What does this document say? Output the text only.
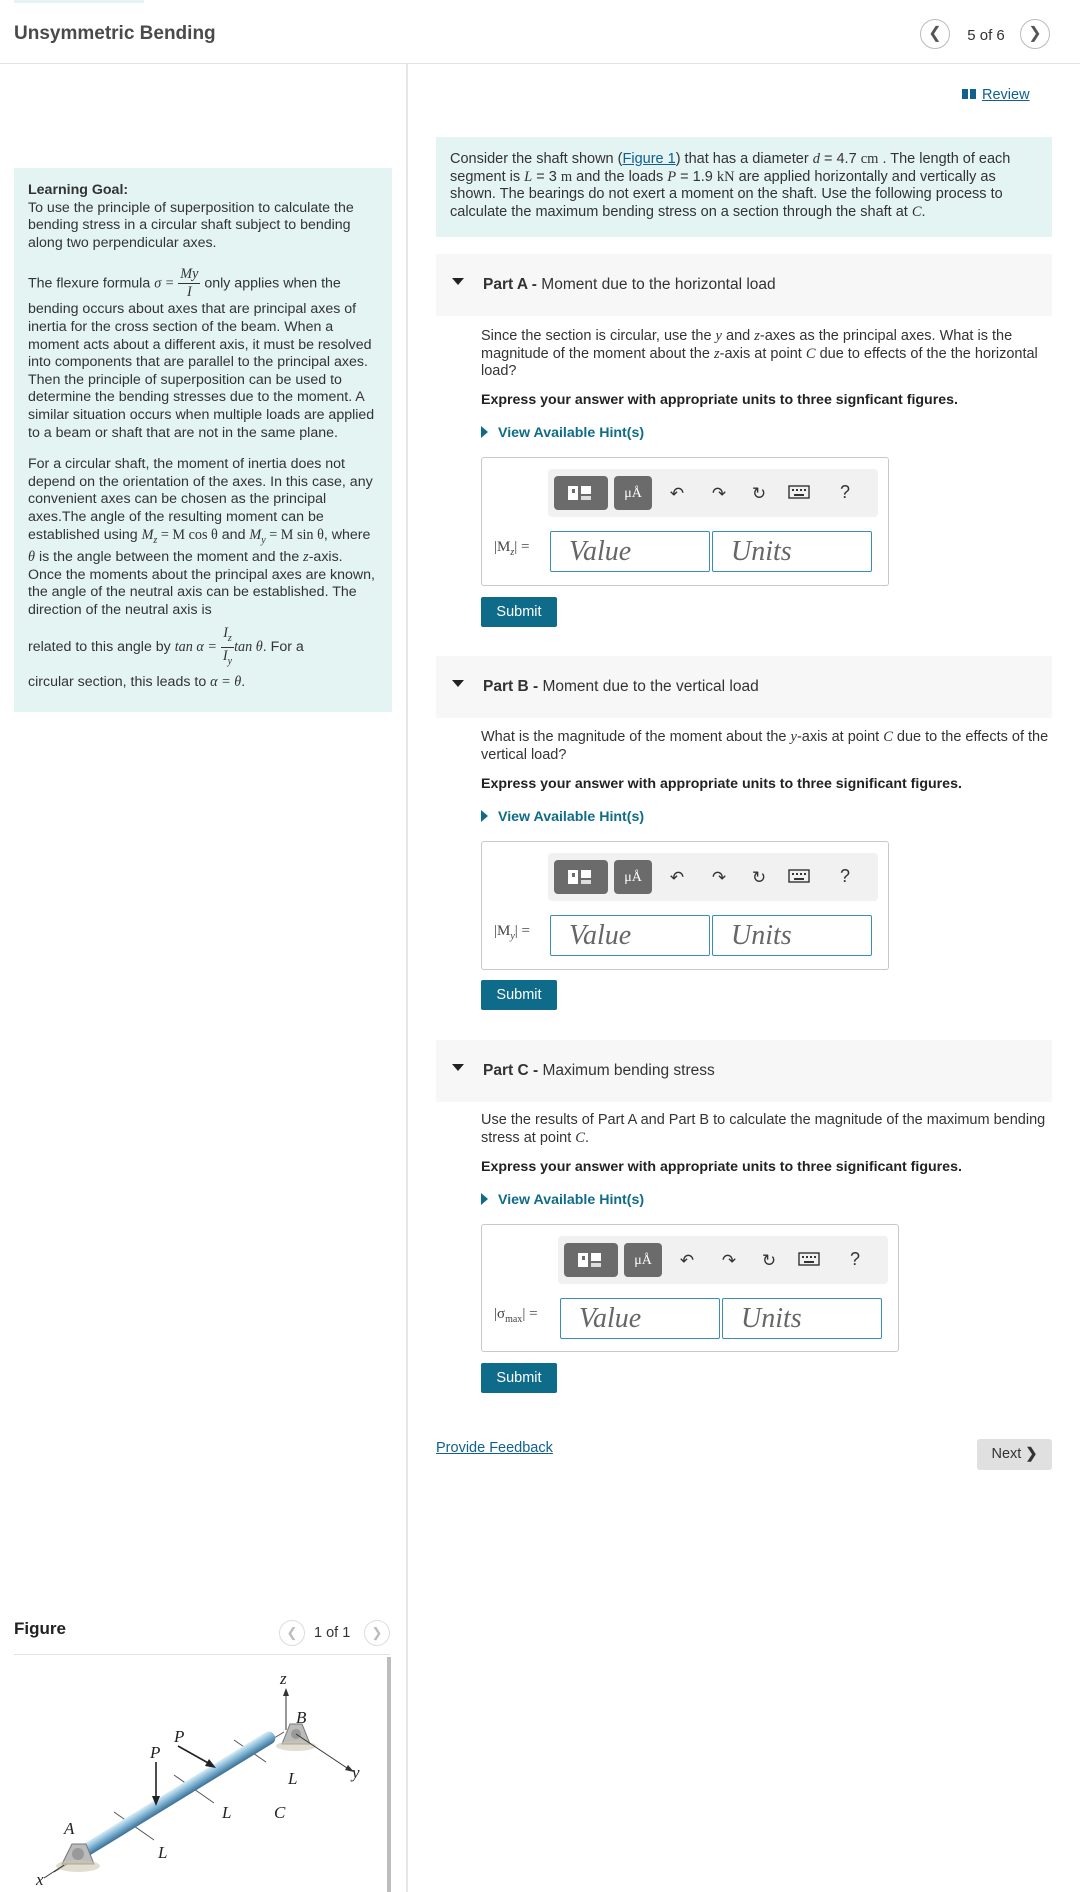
Unsymmetric Bending	❮	5 of 6	❯

Learning Goal:

To use the principle of superposition to calculate the bending stress in a circular shaft subject to bending along two perpendicular axes.

The flexure formula $\sigma = \frac{My}{I}$ only applies when the bending occurs about axes that are principal axes of inertia for the cross section of the beam. When a moment acts about a different axis, it must be resolved into components that are parallel to the principal axes. Then the principle of superposition can be used to determine the bending stresses due to the moment. A similar situation occurs when multiple loads are applied to a beam or shaft that are not in the same plane.

For a circular shaft, the moment of inertia does not depend on the orientation of the axes. In this case, any convenient axes can be chosen as the principal axes.The angle of the resulting moment can be established using $M_z = M$ cos θ and $M_y = M$ sin θ, where θ is the angle between the moment and the z-axis. Once the moments about the principal axes are known, the angle of the neutral axis can be established. The direction of the neutral axis is
related to this angle by $\tan \alpha = \frac{I_z}{I_y}$ tan θ. For a
circular section, this leads to α = θ.

Figure	❮	1 of 1	❯
A
B
C
P
P
L
L
L
x
y
z
Review
Consider the shaft shown (Figure 1) that has a diameter d = 4.7 cm . The length of each segment is L = 3 m and the loads P = 1.9 kN are applied horizontally and vertically as shown. The bearings do not exert a moment on the shaft. Use the following process to calculate the maximum bending stress on a section through the shaft at C.
Part A - Moment due to the horizontal load
Since the section is circular, use the y and z-axes as the principal axes. What is the magnitude of the moment about the z-axis at point C due to effects of the the horizontal load?
Express your answer with appropriate units to three signficant figures.
View Available Hint(s)
μÅ	↶ ↷ ↻	?
$|M_z|$ =	Value	Units
Submit
Part B - Moment due to the vertical load
What is the magnitude of the moment about the y-axis at point C due to the effects of the vertical load?
Express your answer with appropriate units to three significant figures.
View Available Hint(s)
μÅ	↶ ↷ ↻	?
$|M_y|$ =	Value	Units
Submit
Part C - Maximum bending stress
Use the results of Part A and Part B to calculate the magnitude of the maximum bending stress at point C.
Express your answer with appropriate units to three significant figures.
View Available Hint(s)
μÅ	↶ ↷ ↻	?
$|\sigma_{max}|$ =	Value	Units
Submit
Provide Feedback	Next ❯
